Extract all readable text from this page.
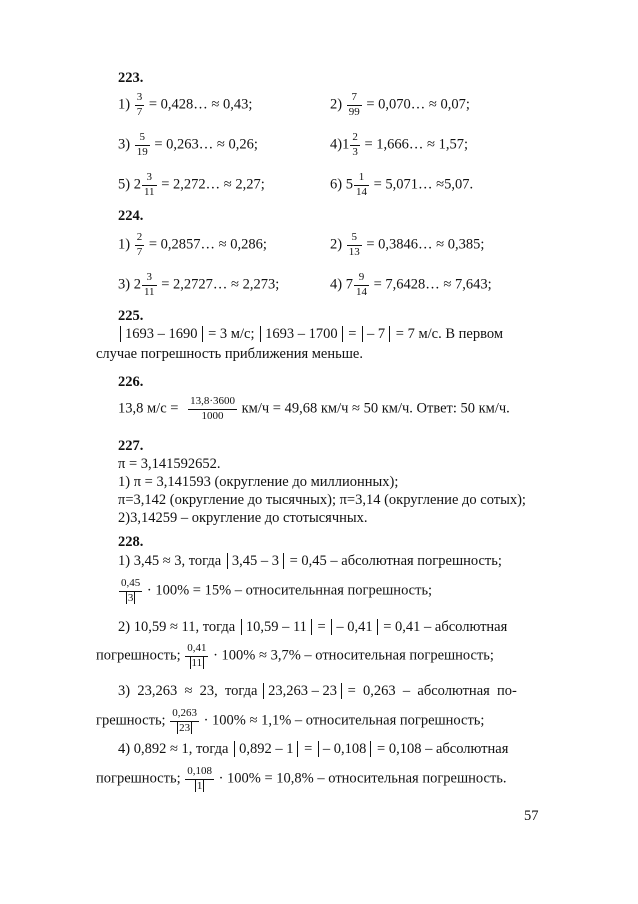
223.
$1) \frac{3}{7}$ = 0,428… ≈ 0,43;	$2) \frac{7}{99}$ = 0,070… ≈ 0,07;
$3) \frac{5}{19}$ = 0,263… ≈ 0,26;	$4)1 \frac{2}{3}$ = 1,666… ≈ 1,57;
5) $2 \frac{3}{11}$ = 2,272… ≈ 2,27;	6) $5 \frac{1}{14}$ = 5,071… ≈5,07.
224.
$1) \frac{2}{7}$ = 0,2857… ≈ 0,286;	$2) \frac{5}{13}$ = 0,3846… ≈ 0,385;
3) $2 \frac{3}{11}$ = 2,2727… ≈ 2,273;	4) $7 \frac{9}{14}$ = 7,6428… ≈ 7,643;
225.
1693 – 1690 = 3 м/с; 1693 – 1700 = – 7 = 7 м/с. В первом
случае погрешность приближения меньше.
226.
13,8 $м/с = \frac{13,8\cdot 3600}{1000} км/ч = 49,68$ км/ч ≈ 50 км/ч. Ответ: 50 км/ч.
227.
π = 3,141592652.
1) π = 3,141593 (округление до миллионных);
π=3,142 (округление до тысячных); π=3,14 (округление до сотых);
2)3,14259 – округление до стотысячных.
228.
1) 3,45 ≈ 3, тогда 3,45 – 3 = 0,45 – абсолютная погрешность;
$\frac{0,45}{3} \cdot 100\% = 15\%$ – относительнная погрешность;
2) 10,59 ≈ 11, тогда 10,59 – 11 = – 0,41 = 0,41 – абсолютная
погрешность; $\frac{0,41}{11} \cdot 100\% \approx 3,7\%$ – относительная погрешность;
3)  23,263  ≈  23,  тогда 23,263 – 23 =  0,263  –  абсолютная  по-
грешность; $\frac{0,263}{23} \cdot 100\% \approx 1,1\%$ – относительная погрешность;
4) 0,892 ≈ 1, тогда 0,892 – 1 = – 0,108 = 0,108 – абсолютная
погрешность; $\frac{0,108}{1} \cdot 100\% = 10,8\%$ – относительная погрешность.
57
